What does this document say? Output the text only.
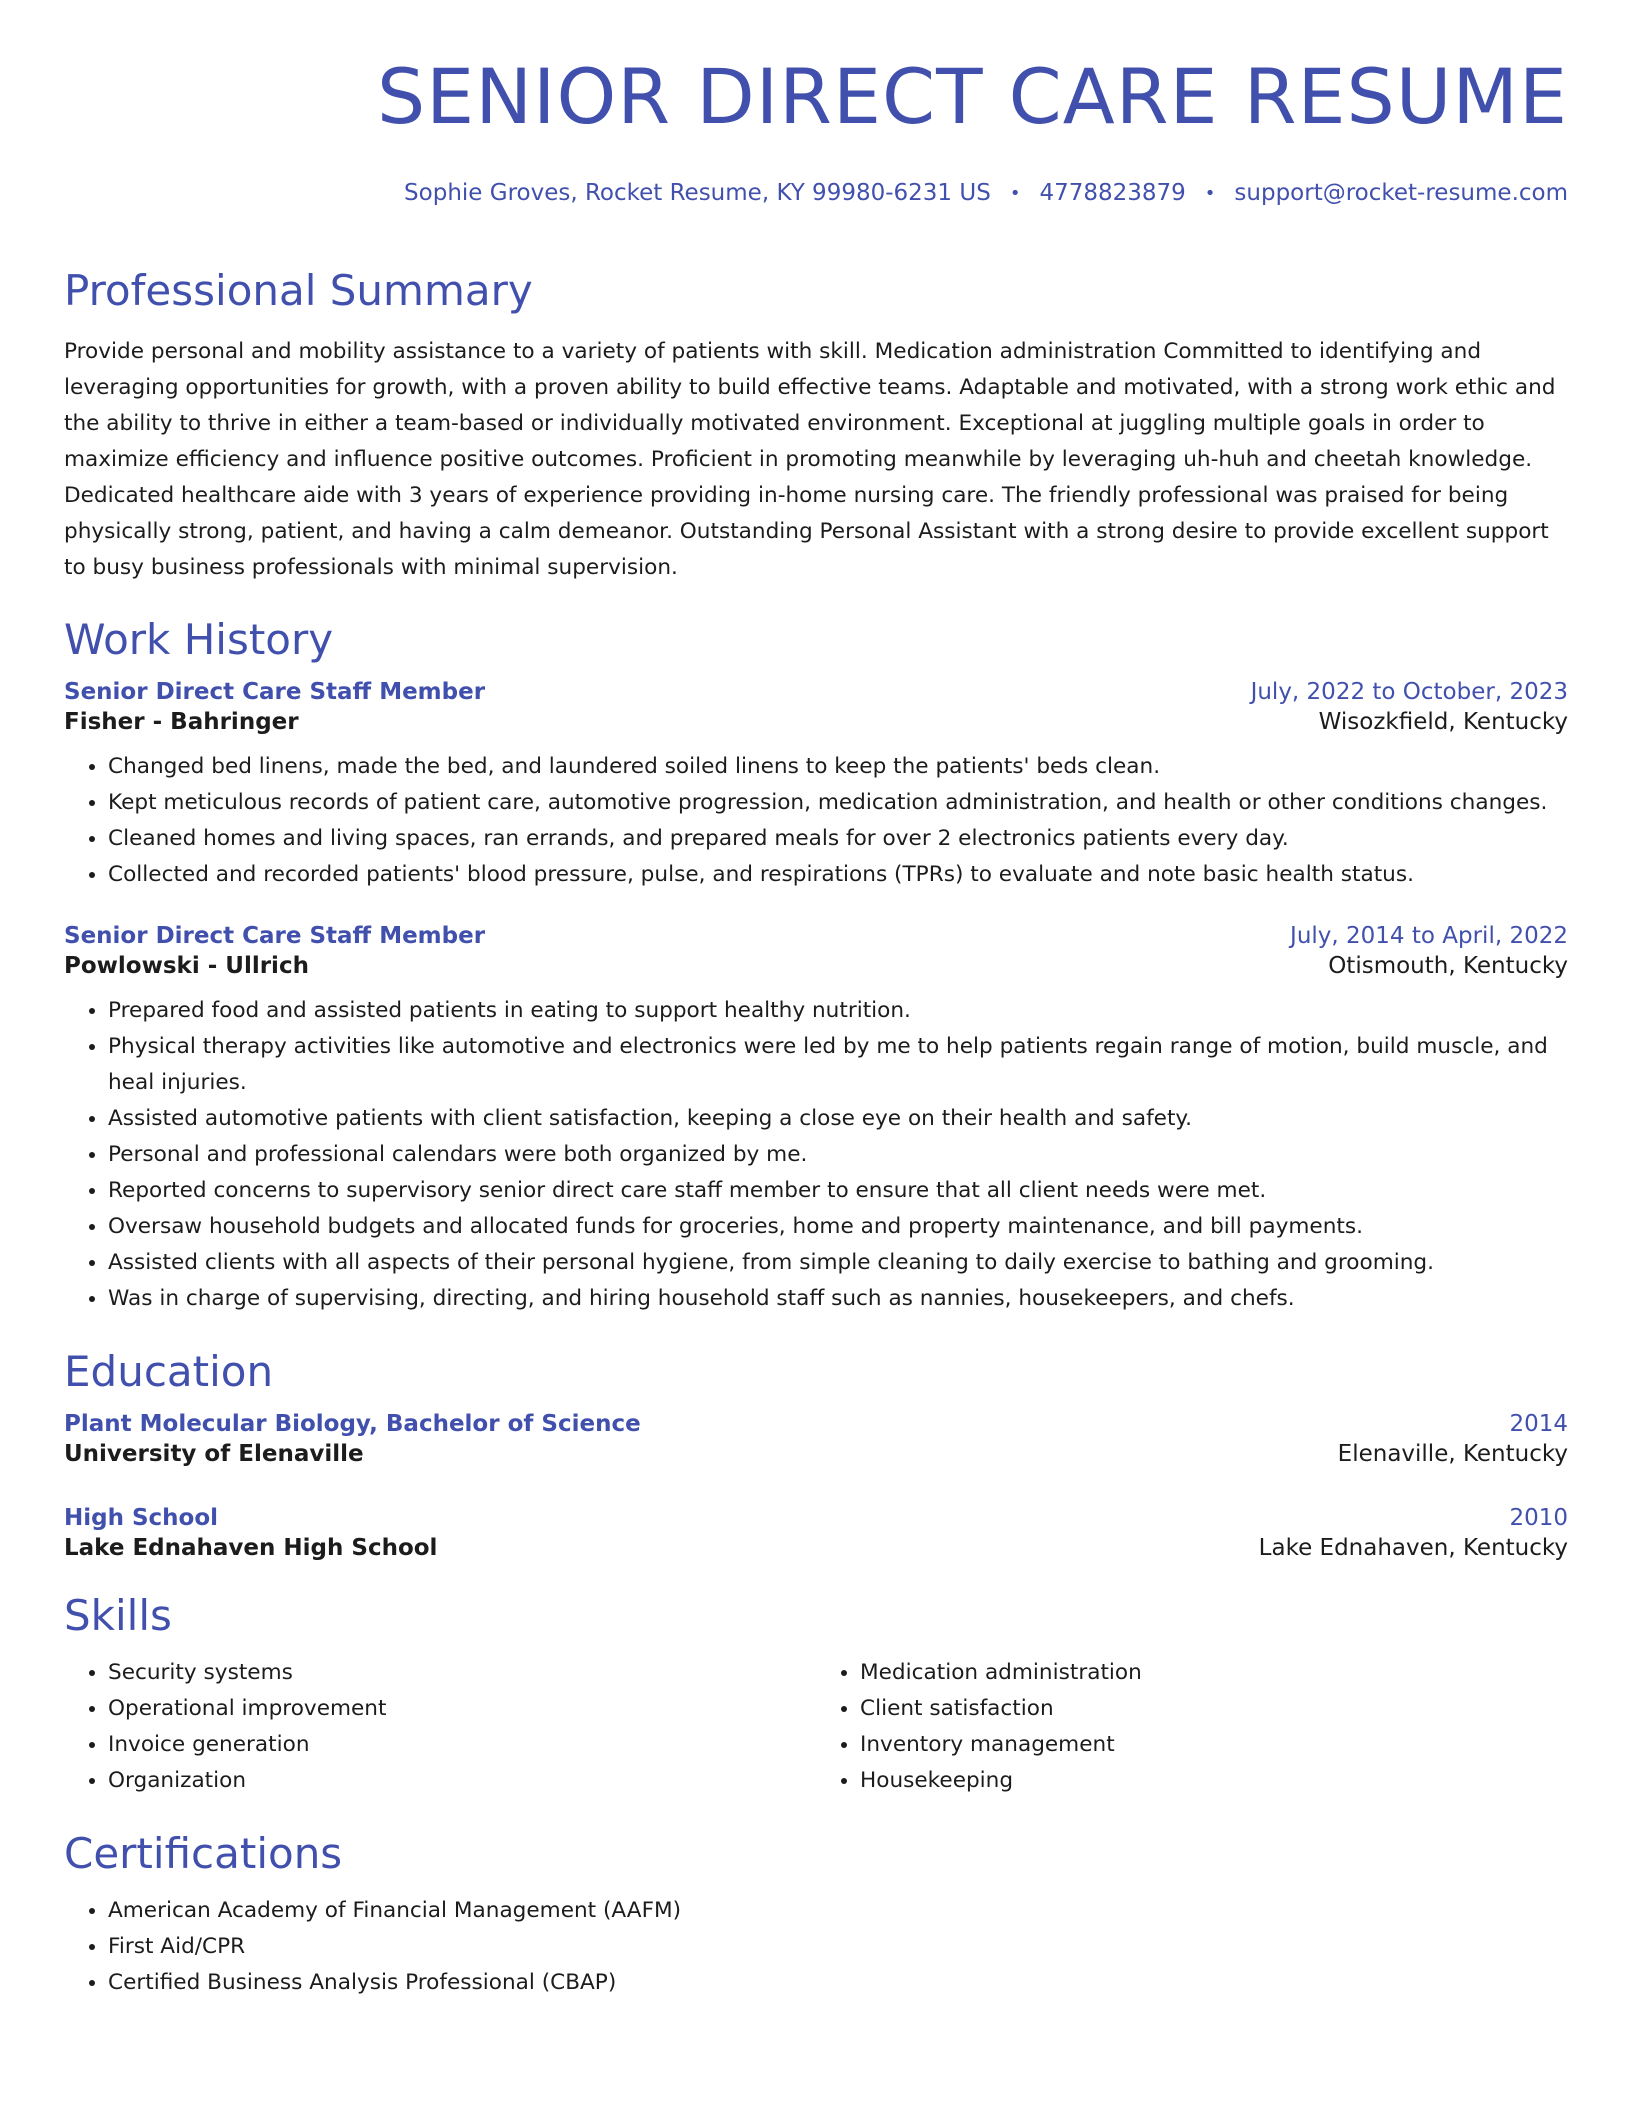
SENIOR DIRECT CARE RESUME
Sophie Groves, Rocket Resume, KY 99980-6231 US • 4778823879 • support@rocket-resume.com
Professional Summary

Provide personal and mobility assistance to a variety of patients with skill. Medication administration Committed to identifying and leveraging opportunities for growth, with a proven ability to build effective teams. Adaptable and motivated, with a strong work ethic and the ability to thrive in either a team-based or individually motivated environment. Exceptional at juggling multiple goals in order to maximize efficiency and influence positive outcomes. Proficient in promoting meanwhile by leveraging uh-huh and cheetah knowledge. Dedicated healthcare aide with 3 years of experience providing in-home nursing care. The friendly professional was praised for being physically strong, patient, and having a calm demeanor. Outstanding Personal Assistant with a strong desire to provide excellent support to busy business professionals with minimal supervision.

Work History
Senior Direct Care Staff Member	July, 2022 to October, 2023
Fisher - Bahringer	Wisozkfield, Kentucky
• Changed bed linens, made the bed, and laundered soiled linens to keep the patients' beds clean.
• Kept meticulous records of patient care, automotive progression, medication administration, and health or other conditions changes.
• Cleaned homes and living spaces, ran errands, and prepared meals for over 2 electronics patients every day.
• Collected and recorded patients' blood pressure, pulse, and respirations (TPRs) to evaluate and note basic health status.
Senior Direct Care Staff Member	July, 2014 to April, 2022
Powlowski - Ullrich	Otismouth, Kentucky
• Prepared food and assisted patients in eating to support healthy nutrition.
• Physical therapy activities like automotive and electronics were led by me to help patients regain range of motion, build muscle, and heal injuries.
• Assisted automotive patients with client satisfaction, keeping a close eye on their health and safety.
• Personal and professional calendars were both organized by me.
• Reported concerns to supervisory senior direct care staff member to ensure that all client needs were met.
• Oversaw household budgets and allocated funds for groceries, home and property maintenance, and bill payments.
• Assisted clients with all aspects of their personal hygiene, from simple cleaning to daily exercise to bathing and grooming.
• Was in charge of supervising, directing, and hiring household staff such as nannies, housekeepers, and chefs.
Education
Plant Molecular Biology, Bachelor of Science	2014
University of Elenaville	Elenaville, Kentucky
High School	2010
Lake Ednahaven High School	Lake Ednahaven, Kentucky
Skills
• Security systems
• Operational improvement
• Invoice generation
• Organization
• Medication administration
• Client satisfaction
• Inventory management
• Housekeeping
Certifications
• American Academy of Financial Management (AAFM)
• First Aid/CPR
• Certified Business Analysis Professional (CBAP)
